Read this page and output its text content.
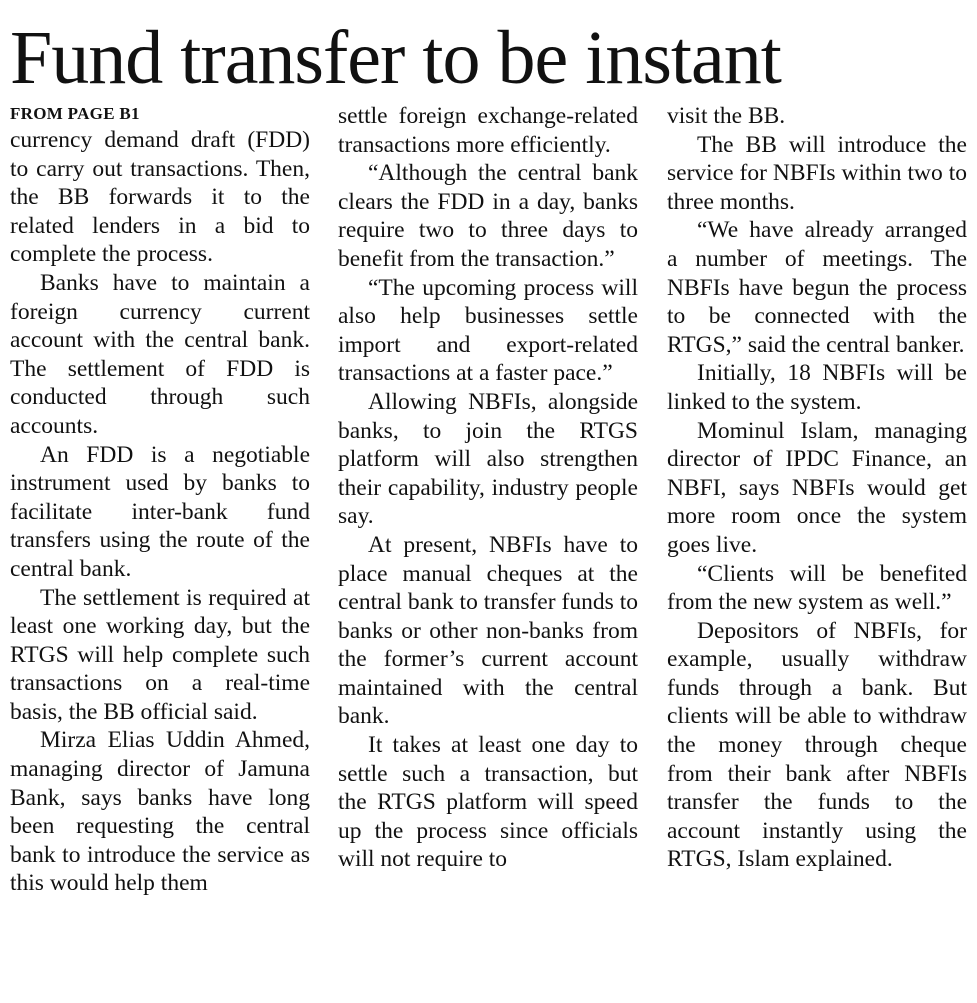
Fund transfer to be instant
FROM PAGE B1

currency demand draft (FDD) to carry out transactions. Then, the BB forwards it to the related lenders in a bid to complete the process.

Banks have to maintain a foreign currency current account with the central bank. The settlement of FDD is conducted through such accounts.

An FDD is a negotiable instrument used by banks to facilitate inter-bank fund transfers using the route of the central bank.

The settlement is required at least one working day, but the RTGS will help complete such transactions on a real-time basis, the BB official said.

Mirza Elias Uddin Ahmed, managing director of Jamuna Bank, says banks have long been requesting the central bank to introduce the service as this would help them

settle foreign exchange-related transactions more efficiently.

“Although the central bank clears the FDD in a day, banks require two to three days to benefit from the transaction.”

“The upcoming process will also help businesses settle import and export-related transactions at a faster pace.”

Allowing NBFIs, alongside banks, to join the RTGS platform will also strengthen their capability, industry people say.

At present, NBFIs have to place manual cheques at the central bank to transfer funds to banks or other non-banks from the former’s current account maintained with the central bank.

It takes at least one day to settle such a transaction, but the RTGS platform will speed up the process since officials will not require to

visit the BB.

The BB will introduce the service for NBFIs within two to three months.

“We have already arranged a number of meetings. The NBFIs have begun the process to be connected with the RTGS,” said the central banker.

Initially, 18 NBFIs will be linked to the system.

Mominul Islam, managing director of IPDC Finance, an NBFI, says NBFIs would get more room once the system goes live.

“Clients will be benefited from the new system as well.”

Depositors of NBFIs, for example, usually withdraw funds through a bank. But clients will be able to withdraw the money through cheque from their bank after NBFIs transfer the funds to the account instantly using the RTGS, Islam explained.
